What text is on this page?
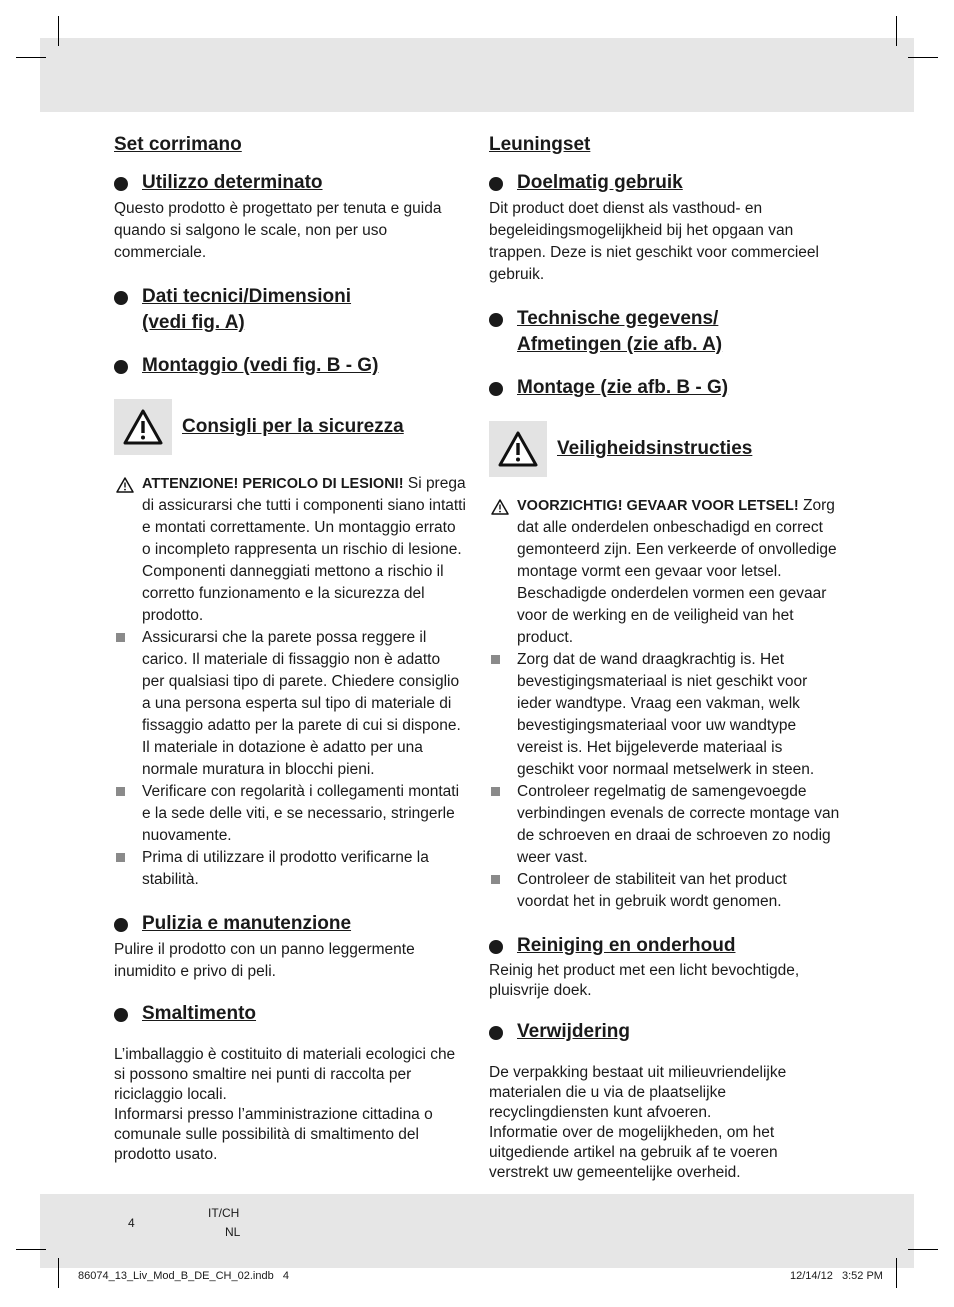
Set corrimano
Utilizzo determinato

Questo prodotto è progettato per tenuta e guida quando si salgono le scale, non per uso commerciale.

Dati tecnici/Dimensioni
(vedi fig. A)
Montaggio (vedi fig. B - G)
Consigli per la sicurezza
ATTENZIONE! PERICOLO DI LESIONI! Si prega di assicurarsi che tutti i componenti siano intatti e montati correttamente. Un montaggio errato o incompleto rappresenta un rischio di lesione. Componenti danneggiati mettono a rischio il corretto funzionamento e la sicurezza del prodotto.
Assicurarsi che la parete possa reggere il carico. Il materiale di fissaggio non è adatto per qualsiasi tipo di parete. Chiedere consiglio a una persona esperta sul tipo di materiale di fissaggio adatto per la parete di cui si dispone. Il materiale in dotazione è adatto per una normale muratura in blocchi pieni.
Verificare con regolarità i collegamenti montati e la sede delle viti, e se necessario, stringerle nuovamente.
Prima di utilizzare il prodotto verificarne la stabilità.
Pulizia e manutenzione

Pulire il prodotto con un panno leggermente inumidito e privo di peli.

Smaltimento

L’imballaggio è costituito di materiali ecologici che si possono smaltire nei punti di raccolta per riciclaggio locali.

Informarsi presso l’amministrazione cittadina o comunale sulle possibilità di smaltimento del prodotto usato.

Leuningset
Doelmatig gebruik

Dit product doet dienst als vasthoud- en begeleidingsmogelijkheid bij het opgaan van trappen. Deze is niet geschikt voor commercieel gebruik.

Technische gegevens/
Afmetingen (zie afb. A)
Montage (zie afb. B - G)
Veiligheidsinstructies
VOORZICHTIG! GEVAAR VOOR LETSEL! Zorg dat alle onderdelen onbeschadigd en correct gemonteerd zijn. Een verkeerde of onvolledige montage vormt een gevaar voor letsel. Beschadigde onderdelen vormen een gevaar voor de werking en de veiligheid van het product.
Zorg dat de wand draagkrachtig is. Het bevestigingsmateriaal is niet geschikt voor ieder wandtype. Vraag een vakman, welk bevestigingsmateriaal voor uw wandtype vereist is. Het bijgeleverde materiaal is geschikt voor normaal metselwerk in steen.
Controleer regelmatig de samengevoegde verbindingen evenals de correcte montage van de schroeven en draai de schroeven zo nodig weer vast.
Controleer de stabiliteit van het product voordat het in gebruik wordt genomen.
Reiniging en onderhoud

Reinig het product met een licht bevochtigde, pluisvrije doek.

Verwijdering

De verpakking bestaat uit milieuvriendelijke materialen die u via de plaatselijke recyclingdiensten kunt afvoeren.

Informatie over de mogelijkheden, om het uitgediende artikel na gebruik af te voeren verstrekt uw gemeentelijke overheid.

4
IT/CH
NL
86074_13_Liv_Mod_B_DE_CH_02.indb   4	12/14/12   3:52 PM
